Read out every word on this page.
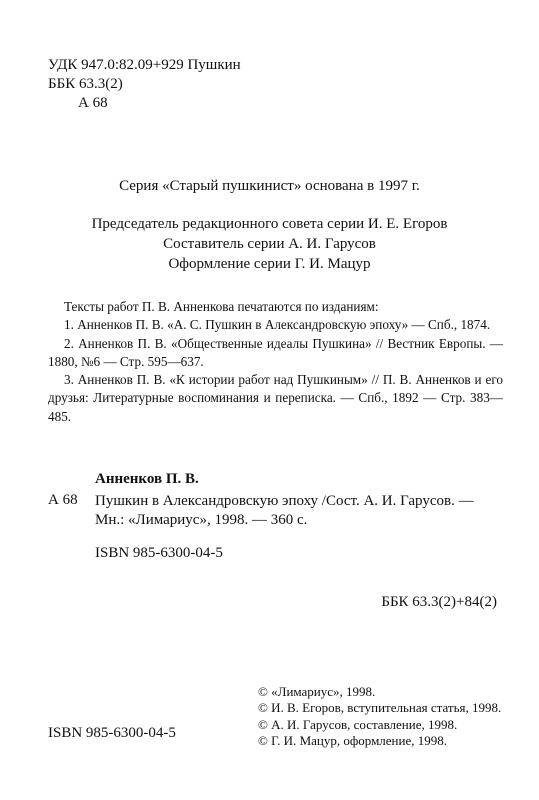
УДК 947.0:82.09+929 Пушкин
ББК 63.3(2)
А 68
Серия «Старый пушкинист» основана в 1997 г.
Председатель редакционного совета серии И. Е. Егоров
Составитель серии А. И. Гарусов
Оформление серии Г. И. Мацур
Тексты работ П. В. Анненкова печатаются по изданиям:
1. Анненков П. В. «А. С. Пушкин в Александровскую эпоху» — Спб., 1874.
2. Анненков П. В. «Общественные идеалы Пушкина» // Вестник Европы. — 1880, №6 — Стр. 595—637.
3. Анненков П. В. «К истории работ над Пушкиным» // П. В. Анненков и его друзья: Литературные воспоминания и переписка. — Спб., 1892 — Стр. 383—485.
Анненков П. В.
А 68 Пушкин в Александровскую эпоху /Сост. А. И. Гарусов. — Мн.: «Лимариус», 1998. — 360 с.
ISBN 985-6300-04-5
ББК 63.3(2)+84(2)
ISBN 985-6300-04-5
© «Лимариус», 1998.
© И. В. Егоров, вступительная статья, 1998.
© А. И. Гарусов, составление, 1998.
© Г. И. Мацур, оформление, 1998.
